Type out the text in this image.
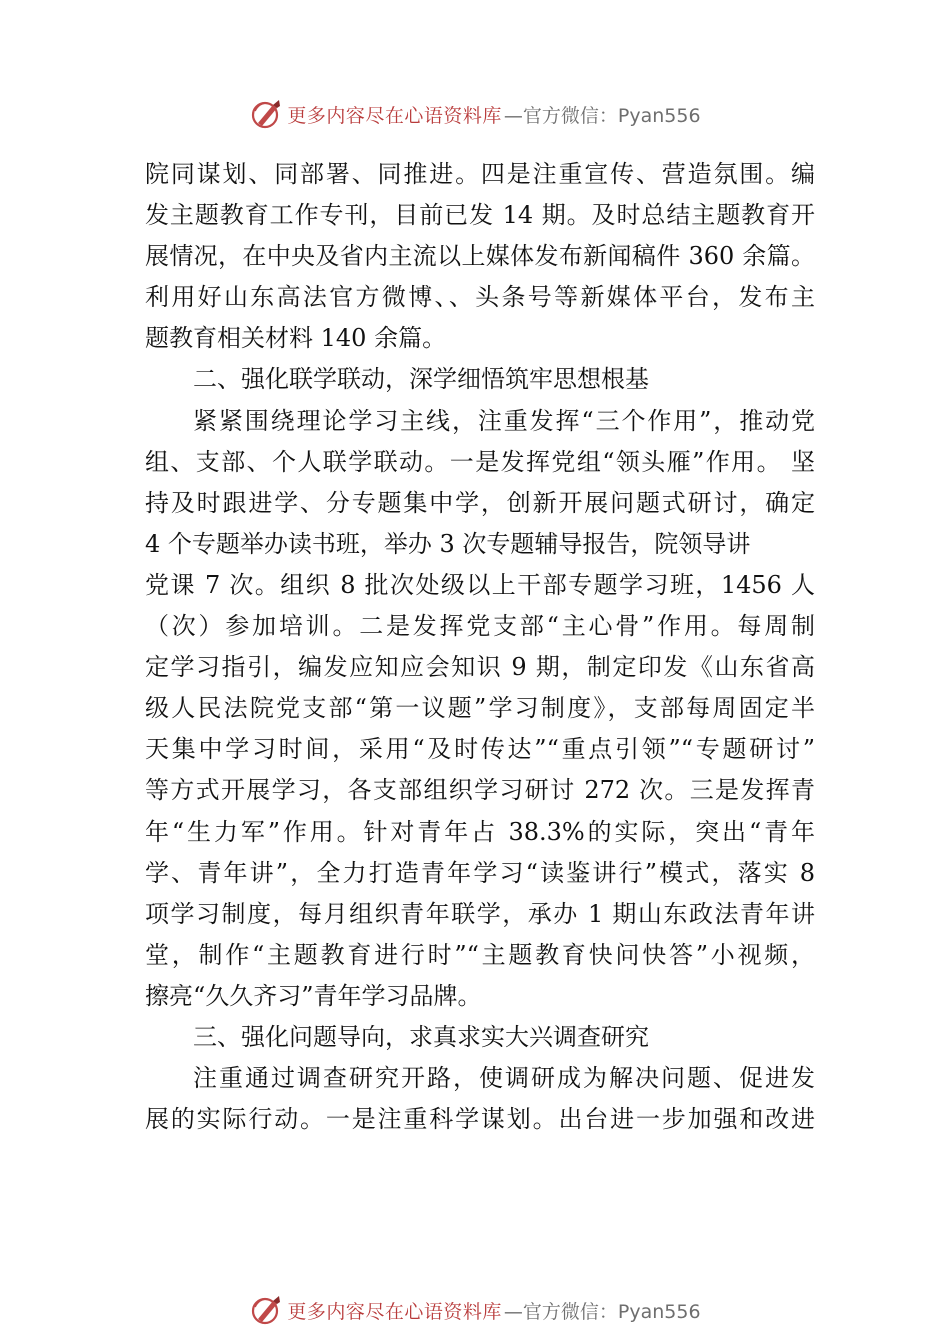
更多内容尽在心语资料库 —官方微信：Pyan556
院同谋划、同部署、同推进。四是注重宣传、营造氛围。编
发主题教育工作专刊，目前已发 14 期。及时总结主题教育开
展情况，在中央及省内主流以上媒体发布新闻稿件 360 余篇。
利用好山东高法官方微博、、头条号等新媒体平台，发布主
题教育相关材料 140 余篇。
二、强化联学联动，深学细悟筑牢思想根基
紧紧围绕理论学习主线，注重发挥“三个作用”，推动党
组、支部、个人联学联动。一是发挥党组“领头雁”作用。 坚
持及时跟进学、分专题集中学，创新开展问题式研讨，确定
4 个专题举办读书班，举办 3 次专题辅导报告，院领导讲
党课 7 次。组织 8 批次处级以上干部专题学习班，1456 人
（次）参加培训。二是发挥党支部“主心骨”作用。每周制
定学习指引，编发应知应会知识 9 期，制定印发《山东省高
级人民法院党支部“第一议题”学习制度》，支部每周固定半
天集中学习时间，采用“及时传达”“重点引领”“专题研讨”
等方式开展学习，各支部组织学习研讨 272 次。三是发挥青
年“生力军”作用。针对青年占 38.3%的实际，突出“青年
学、青年讲”，全力打造青年学习“读鉴讲行”模式，落实 8
项学习制度，每月组织青年联学，承办 1 期山东政法青年讲
堂，制作“主题教育进行时”“主题教育快问快答”小视频，
擦亮“久久齐习”青年学习品牌。
三、强化问题导向，求真求实大兴调查研究
注重通过调查研究开路，使调研成为解决问题、促进发
展的实际行动。一是注重科学谋划。出台进一步加强和改进
更多内容尽在心语资料库 —官方微信：Pyan556
